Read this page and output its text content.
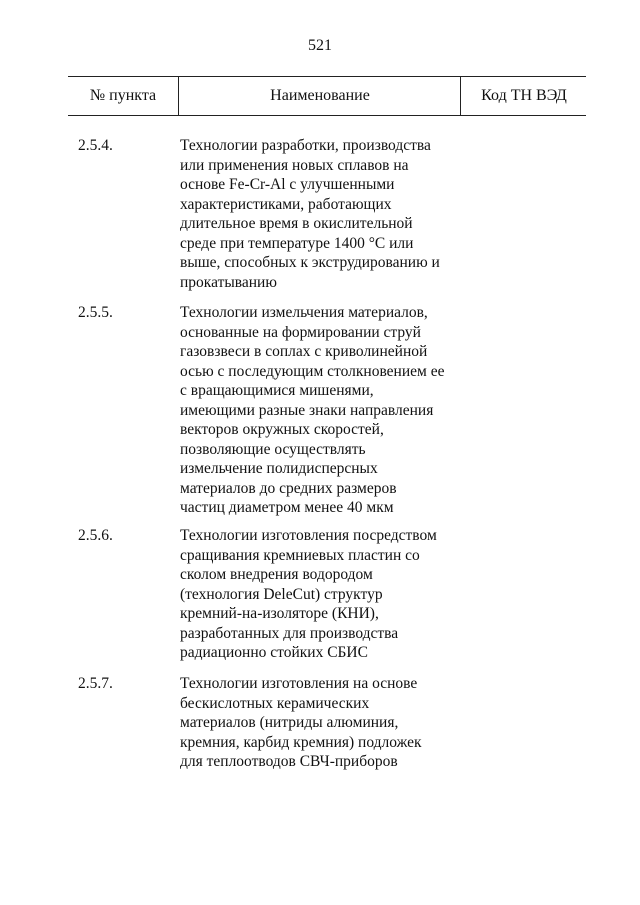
521
№ пункта	Наименование	Код ТН ВЭД
2.5.4.	Технологии разработки, производства
или применения новых сплавов на
основе Fe-Cr-Al с улучшенными
характеристиками, работающих
длительное время в окислительной
среде при температуре 1400 °С или
выше, способных к экструдированию и
прокатыванию
2.5.5.	Технологии измельчения материалов,
основанные на формировании струй
газовзвеси в соплах с криволинейной
осью с последующим столкновением ее
с вращающимися мишенями,
имеющими разные знаки направления
векторов окружных скоростей,
позволяющие осуществлять
измельчение полидисперсных
материалов до средних размеров
частиц диаметром менее 40 мкм
2.5.6.	Технологии изготовления посредством
сращивания кремниевых пластин со
сколом внедрения водородом
(технология DeleCut) структур
кремний-на-изоляторе (КНИ),
разработанных для производства
радиационно стойких СБИС
2.5.7.	Технологии изготовления на основе
бескислотных керамических
материалов (нитриды алюминия,
кремния, карбид кремния) подложек
для теплоотводов СВЧ-приборов
